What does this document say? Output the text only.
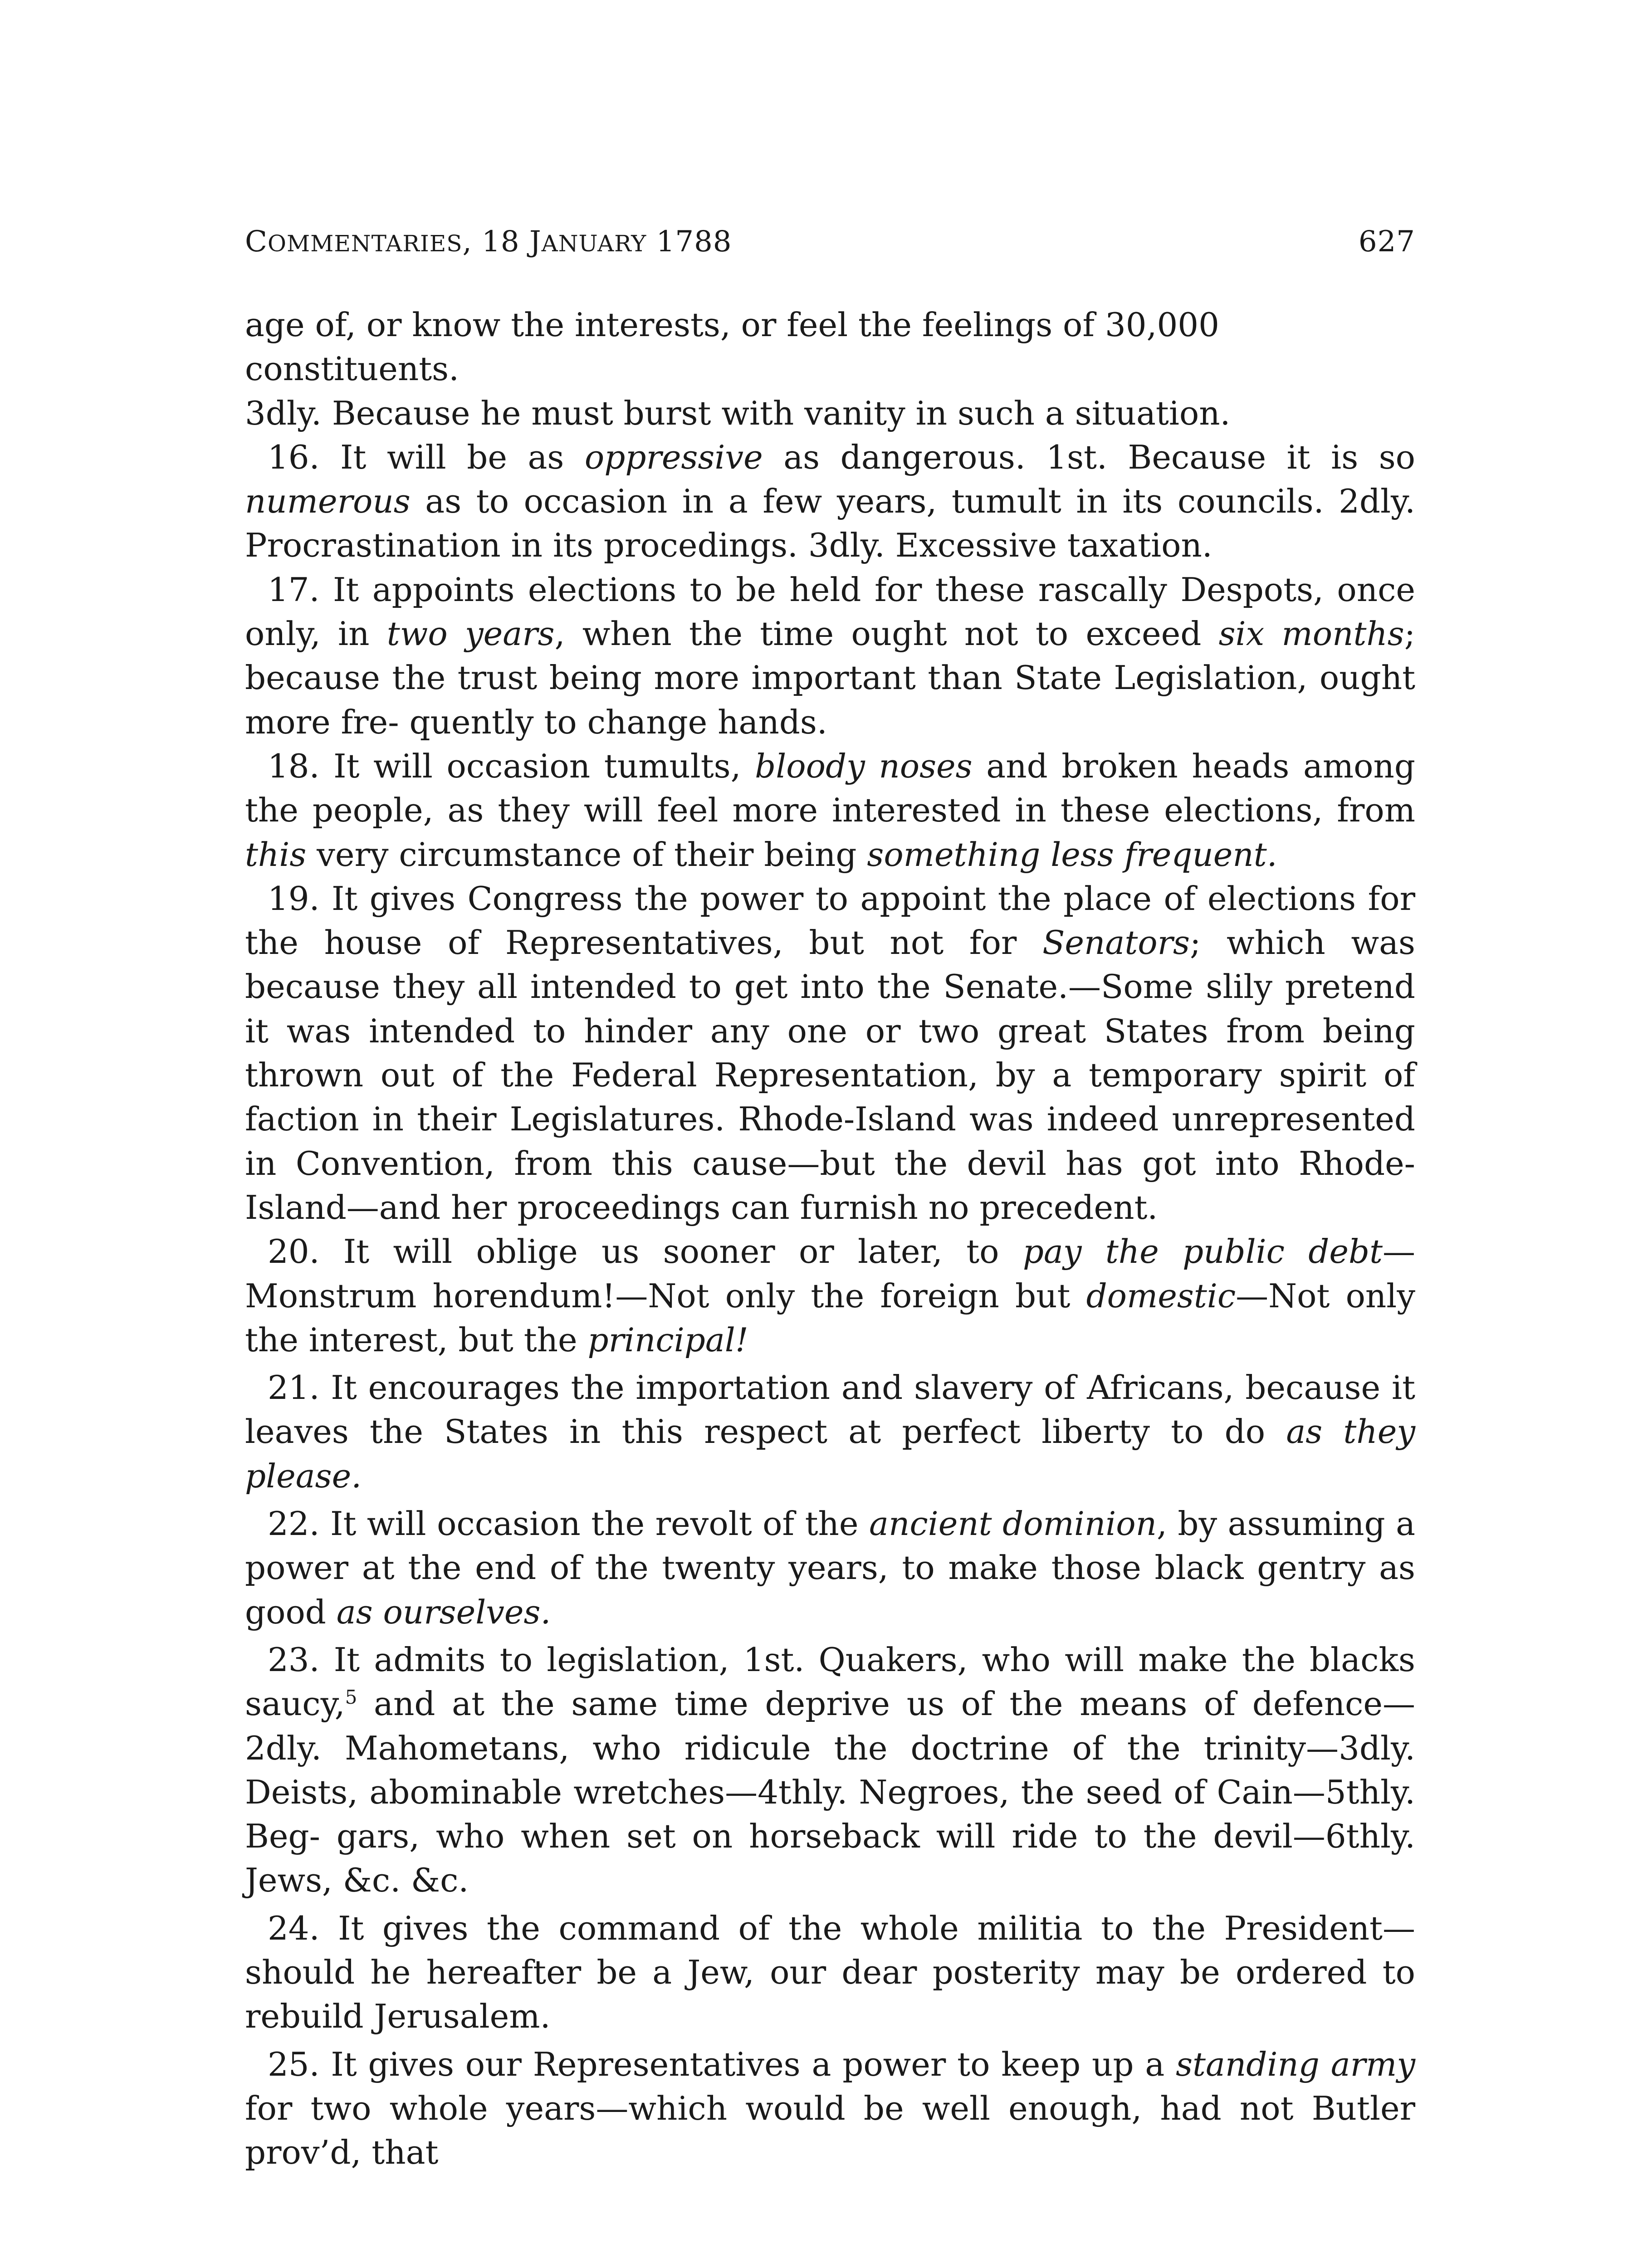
COMMENTARIES, 18 JANUARY 1788	627

age of, or know the interests, or feel the feelings of 30,000 constituents.
3dly. Because he must burst with vanity in such a situation.

16. It will be as oppressive as dangerous. 1st. Because it is so numerous as to occasion in a few years, tumult in its councils. 2dly. Procrastination in its procedings. 3dly. Excessive taxation.

17. It appoints elections to be held for these rascally Despots, once only, in two years, when the time ought not to exceed six months; because the trust being more important than State Legislation, ought more fre- quently to change hands.

18. It will occasion tumults, bloody noses and broken heads among the people, as they will feel more interested in these elections, from this very circumstance of their being something less frequent.

19. It gives Congress the power to appoint the place of elections for the house of Representatives, but not for Senators; which was because they all intended to get into the Senate.—Some slily pretend it was intended to hinder any one or two great States from being thrown out of the Federal Representation, by a temporary spirit of faction in their Legislatures. Rhode-Island was indeed unrepresented in Convention, from this cause—but the devil has got into Rhode-Island—and her proceedings can furnish no precedent.

20. It will oblige us sooner or later, to pay the public debt—Monstrum horendum!—Not only the foreign but domestic—Not only the interest, but the principal!

21. It encourages the importation and slavery of Africans, because it leaves the States in this respect at perfect liberty to do as they please.

22. It will occasion the revolt of the ancient dominion, by assuming a power at the end of the twenty years, to make those black gentry as good as ourselves.

23. It admits to legislation, 1st. Quakers, who will make the blacks saucy,$^5$ and at the same time deprive us of the means of defence—2dly. Mahometans, who ridicule the doctrine of the trinity—3dly. Deists, abominable wretches—4thly. Negroes, the seed of Cain—5thly. Beg- gars, who when set on horseback will ride to the devil—6thly. Jews, &c. &c.

24. It gives the command of the whole militia to the President— should he hereafter be a Jew, our dear posterity may be ordered to rebuild Jerusalem.

25. It gives our Representatives a power to keep up a standing army for two whole years—which would be well enough, had not Butler prov’d, that
